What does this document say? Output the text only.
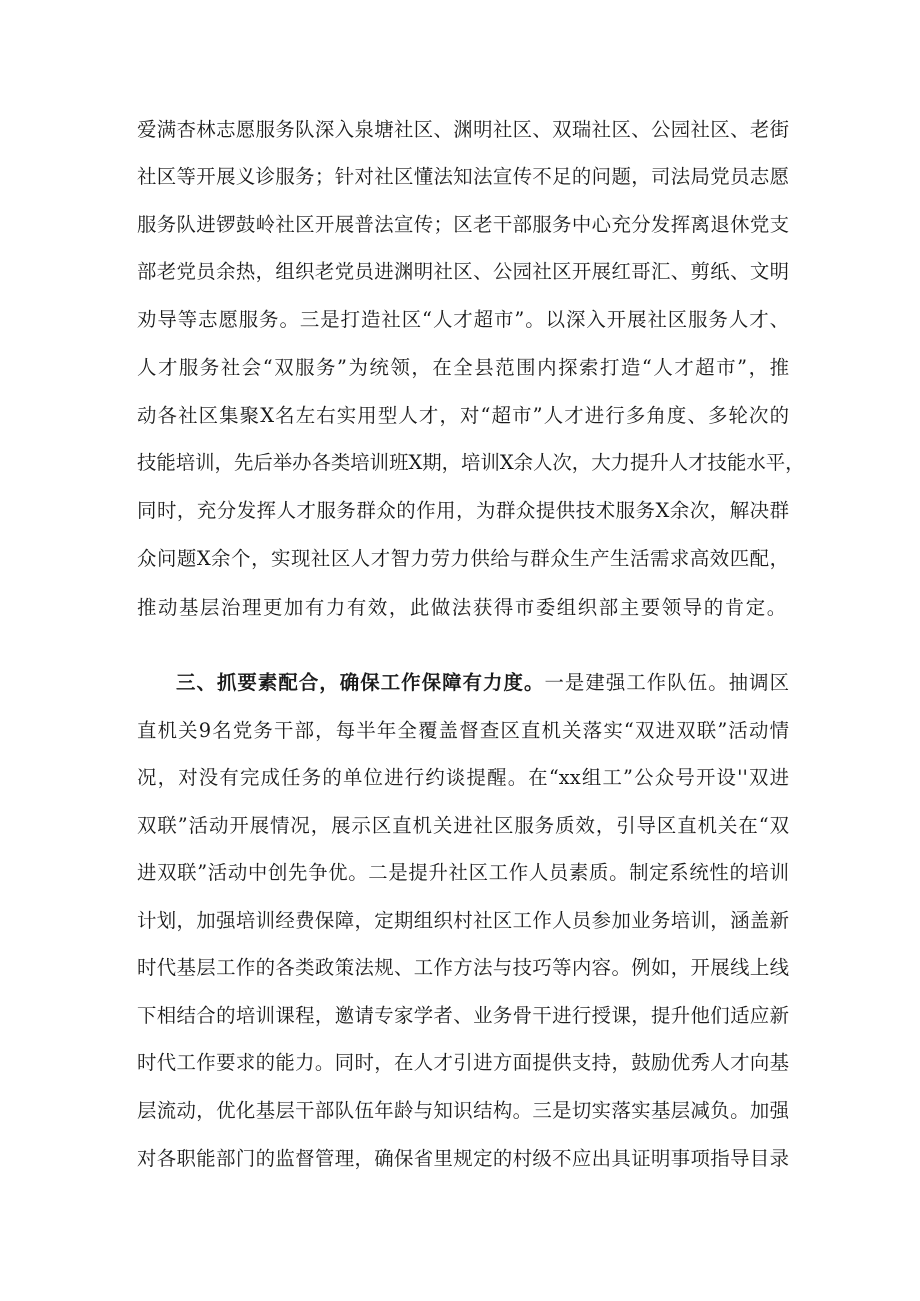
爱满杏林志愿服务队深入泉塘社区、渊明社区、双瑞社区、公园社区、老街
社区等开展义诊服务；针对社区懂法知法宣传不足的问题，司法局党员志愿
服务队进锣鼓岭社区开展普法宣传；区老干部服务中心充分发挥离退休党支
部老党员余热，组织老党员进渊明社区、公园社区开展红哥汇、剪纸、文明
劝导等志愿服务。三是打造社区“人才超市”。以深入开展社区服务人才、
人才服务社会“双服务”为统领，在全县范围内探索打造“人才超市”，推
动各社区集聚X名左右实用型人才，对“超市”人才进行多角度、多轮次的
技能培训，先后举办各类培训班X期，培训X余人次，大力提升人才技能水平，
同时，充分发挥人才服务群众的作用，为群众提供技术服务X余次，解决群
众问题X余个，实现社区人才智力劳力供给与群众生产生活需求高效匹配，
推动基层治理更加有力有效，此做法获得市委组织部主要领导的肯定。
三、抓要素配合，确保工作保障有力度。一是建强工作队伍。抽调区
直机关9名党务干部，每半年全覆盖督查区直机关落实“双进双联”活动情
况，对没有完成任务的单位进行约谈提醒。在“xx组工”公众号开设''双进
双联”活动开展情况，展示区直机关进社区服务质效，引导区直机关在“双
进双联”活动中创先争优。二是提升社区工作人员素质。制定系统性的培训
计划，加强培训经费保障，定期组织村社区工作人员参加业务培训，涵盖新
时代基层工作的各类政策法规、工作方法与技巧等内容。例如，开展线上线
下相结合的培训课程，邀请专家学者、业务骨干进行授课，提升他们适应新
时代工作要求的能力。同时，在人才引进方面提供支持，鼓励优秀人才向基
层流动，优化基层干部队伍年龄与知识结构。三是切实落实基层减负。加强
对各职能部门的监督管理，确保省里规定的村级不应出具证明事项指导目录
